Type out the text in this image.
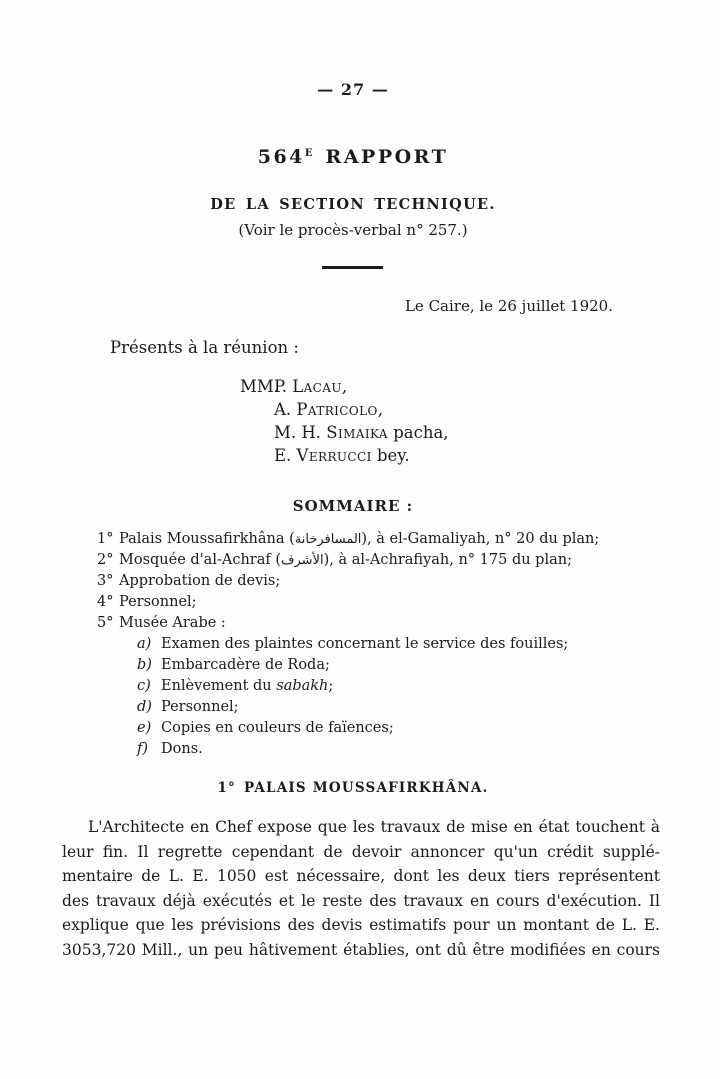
— 27 —
$564^E$ RAPPORT
DE LA SECTION TECHNIQUE.
(Voir le procès-verbal n° 257.)
Le Caire, le 26 juillet 1920.
Présents à la réunion :
MM.P. Lacau,
A. Patricolo,
M. H. Simaika pacha,
E. Verrucci bey.
SOMMAIRE :
1° Palais Moussafirkhâna (المسافرخانة), à el-Gamaliyah, n° 20 du plan;
2° Mosquée d'al-Achraf (الأشرف), à al-Achrafiyah, n° 175 du plan;
3° Approbation de devis;
4° Personnel;
5° Musée Arabe :
a) Examen des plaintes concernant le service des fouilles;
b) Embarcadère de Roda;
c) Enlèvement du sabakh;
d) Personnel;
e) Copies en couleurs de faïences;
f) Dons.
1° PALAIS MOUSSAFIRKHÂNA.
L'Architecte en Chef expose que les travaux de mise en état touchent à
leur fin. Il regrette cependant de devoir annoncer qu'un crédit supplé-
mentaire de L. E. 1050 est nécessaire, dont les deux tiers représentent
des travaux déjà exécutés et le reste des travaux en cours d'exécution. Il
explique que les prévisions des devis estimatifs pour un montant de L. E.
3053,720 Mill., un peu hâtivement établies, ont dû être modifiées en cours
